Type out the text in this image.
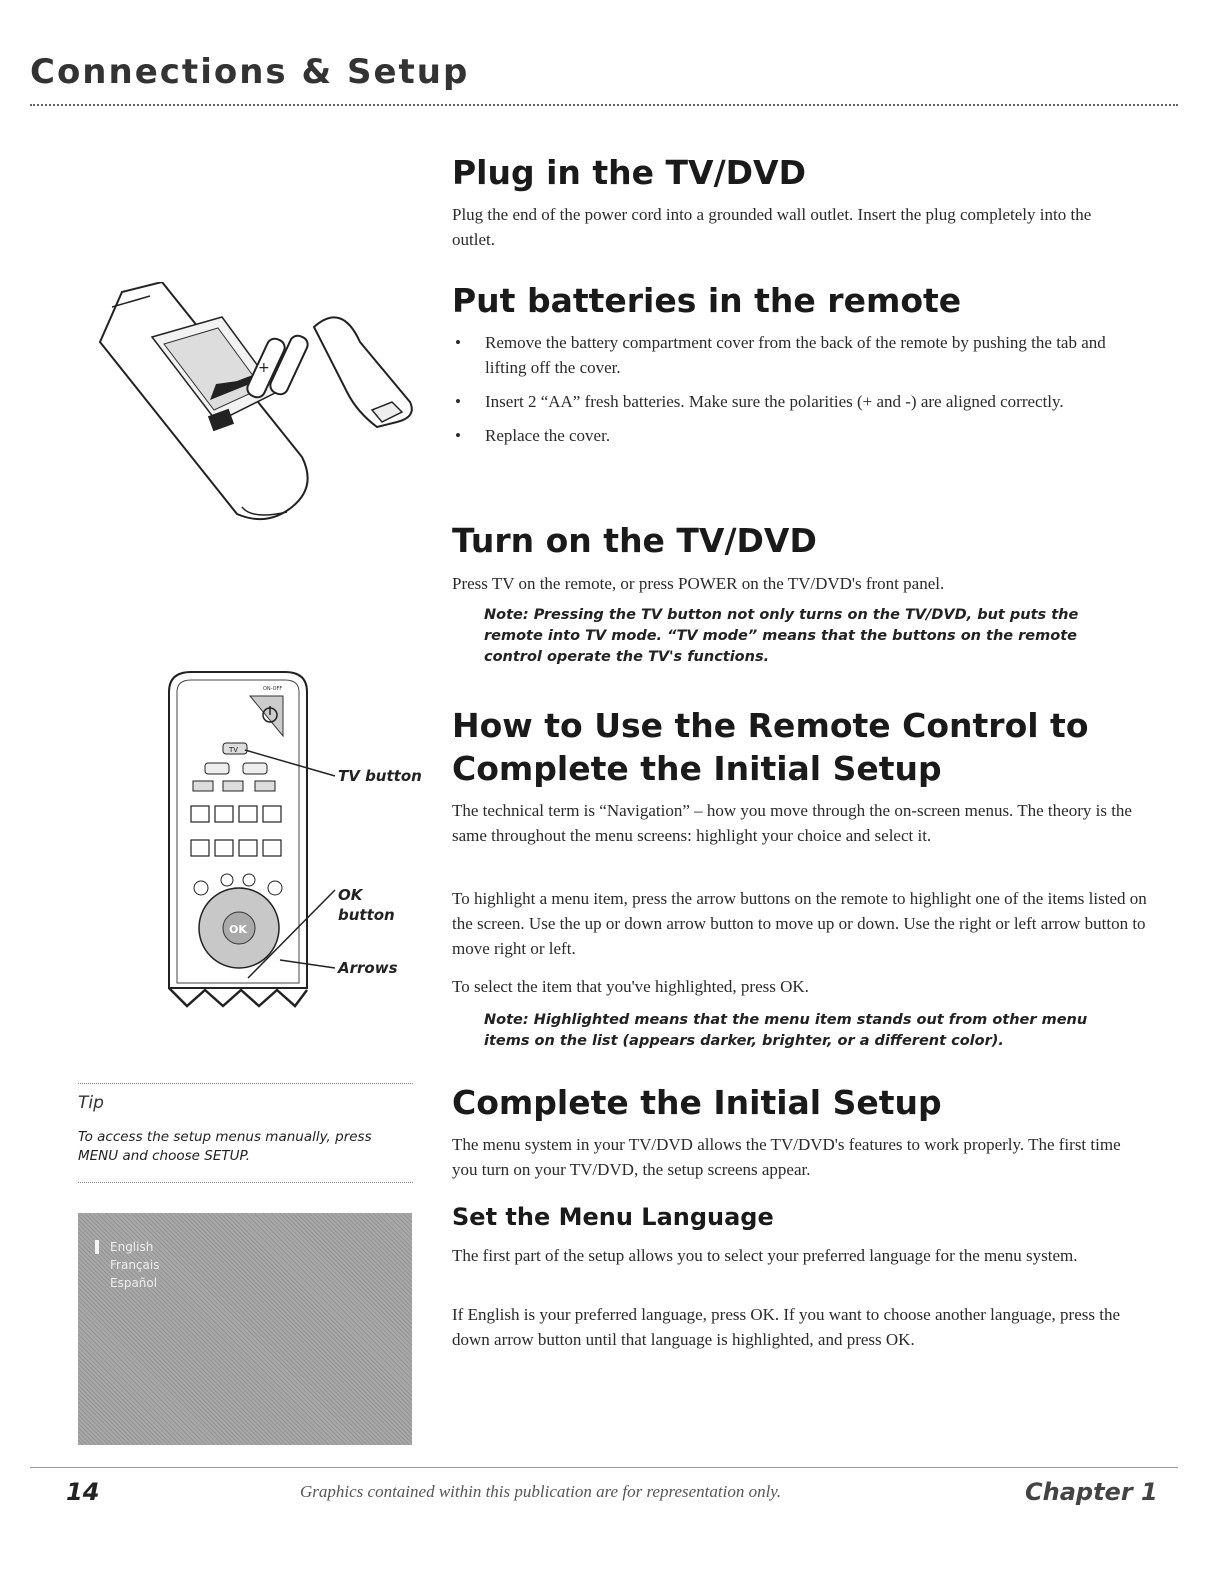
Connections & Setup
Plug in the TV/DVD

Plug the end of the power cord into a grounded wall outlet. Insert the plug completely into the outlet.

+
Put batteries in the remote
• Remove the battery compartment cover from the back of the remote by pushing the tab and lifting off the cover.
• Insert 2 “AA” fresh batteries. Make sure the polarities (+ and -) are aligned correctly.
• Replace the cover.
Turn on the TV/DVD

Press TV on the remote, or press POWER on the TV/DVD's front panel.

Note: Pressing the TV button not only turns on the TV/DVD, but puts the remote into TV mode. “TV mode” means that the buttons on the remote control operate the TV's functions.

ON-OFF
TV
OK
TV button
OK
button
Arrows
How to Use the Remote Control to
Complete the Initial Setup

The technical term is “Navigation” – how you move through the on-screen menus. The theory is the same throughout the menu screens: highlight your choice and select it.

To highlight a menu item, press the arrow buttons on the remote to highlight one of the items listed on the screen. Use the up or down arrow button to move up or down. Use the right or left arrow button to move right or left.

To select the item that you've highlighted, press OK.

Note: Highlighted means that the menu item stands out from other menu items on the list (appears darker, brighter, or a different color).

Tip
To access the setup menus manually, press MENU and choose SETUP.
English
Français
Español
Complete the Initial Setup

The menu system in your TV/DVD allows the TV/DVD's features to work properly. The first time you turn on your TV/DVD, the setup screens appear.

Set the Menu Language

The first part of the setup allows you to select your preferred language for the menu system.

If English is your preferred language, press OK. If you want to choose another language, press the down arrow button until that language is highlighted, and press OK.

14	Graphics contained within this publication are for representation only.	Chapter 1
